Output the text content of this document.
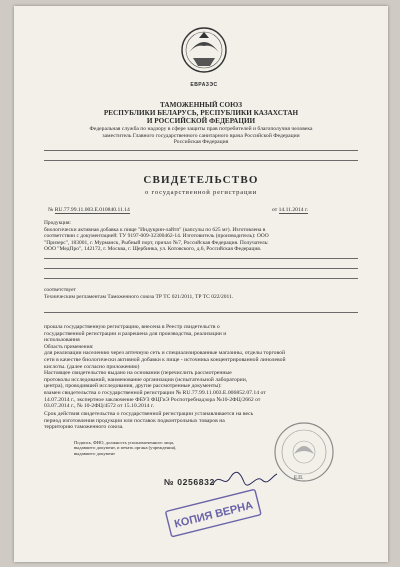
ЕВРАЗЭС
ТАМОЖЕННЫЙ СОЮЗ
РЕСПУБЛИКИ БЕЛАРУСЬ, РЕСПУБЛИКИ КАЗАХСТАН
И РОССИЙСКОЙ ФЕДЕРАЦИИ
Федеральная служба по надзору в сфере защиты прав потребителей и благополучия человека
заместитель Главного государственного санитарного врача Российской Федерации
Российская Федерация
СВИДЕТЕЛЬСТВО
о государственной регистрации
№ RU.77.99.11.003.E.010840.11.14	от 14.11.2014 г.
Продукция:
биологически активная добавка к пище "Индукрин-лайтп" (капсулы по 625 мг). Изготовлена в
соответствии с документацией: ТУ 9197-009-32300462-14. Изготовитель (производитель): ООО
"Призерс", 183001, г. Мурманск, Рыбный порт, причал №7, Российская Федерация. Получатель:
ООО "МедПро", 142172, г. Москва, г. Щербинка, ул. Котовского, д.6, Российская Федерация.
соответствует
Техническим регламентам Таможенного союза ТР ТС 021/2011, ТР ТС 022/2011.
прошла государственную регистрацию, внесена в Реестр свидетельств о
государственной регистрации и разрешена для производства, реализации и
использования
Область применения:
для реализации населению через аптечную сеть и специализированные магазины, отделы торговой
сети в качестве биологически активной добавки к пище - источника концентрированной линолевой
кислоты. (далее согласно приложению)
Настоящее свидетельство выдано на основании (перечислить рассмотренные
протоколы исследований, наименование организации (испытательной лаборатории,
центра), проводившей исследования, другие рассмотренные документы):
взамен свидетельства о государственной регистрации № RU.77.99.11.003.E.006852.07.14 от
14.07.2014 г., экспертное заключение ФБУЗ ФЦГиЭ Роспотребнадзора №10-2ФЦ/2662 от
03.07.2014 г., № 10-2ФЦ/4572 от 15.10.2014 г.
Срок действия свидетельства о государственной регистрации устанавливается на весь
период изготовления продукции или поставок подконтрольных товаров на
территорию таможенного союза.
Подпись, ФИО, должность уполномоченного лица,
выдавшего документ, и печать органа (учреждения),
выдавшего документ
Е.П.
№ 0256832
КОПИЯ ВЕРНА
